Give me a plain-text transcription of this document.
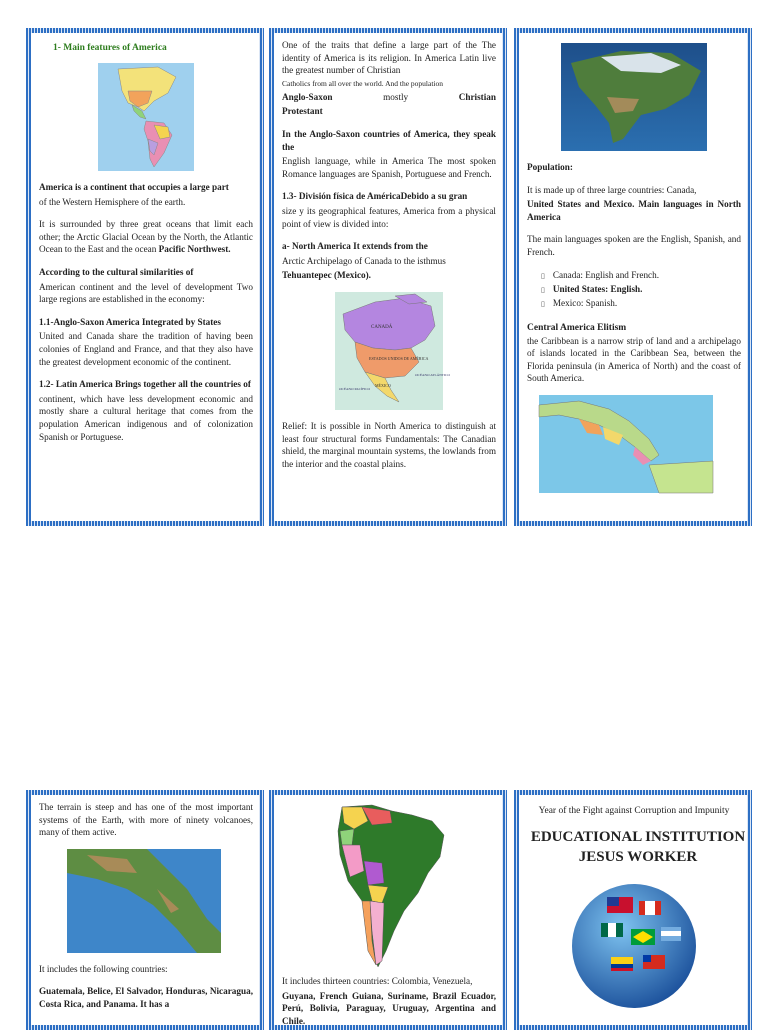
1- Main features of America

America is a continent that occupies a large part

of the Western Hemisphere of the earth.

It is surrounded by three great oceans that limit each other; the Arctic Glacial Ocean by the North, the Atlantic Ocean to the East and the ocean Pacific Northwest.

According to the cultural similarities of

American continent and the level of development Two large regions are established in the economy:

1.1-Anglo-Saxon America Integrated by States

United and Canada share the tradition of having been colonies of England and France, and that they also have the greatest development economic of the continent.

1.2- Latin America Brings together all the countries of

continent, which have less development economic and mostly share a cultural heritage that comes from the population American indigenous and of colonization Spanish or Portuguese.

One of the traits that define a large part of the The identity of America is its religion. In America Latin live the greatest number of Christian

Catholics from all over the world. And the population

Anglo-Saxon	mostly	Christian

Protestant

In the Anglo-Saxon countries of America, they speak the

English language, while in America The most spoken Romance languages are Spanish, Portuguese and French.

1.3- División física de AméricaDebido a su gran

size y its geographical features, America from a physical point of view is divided into:

a- North America It extends from the

Arctic Archipelago of Canada to the isthmus

Tehuantepec (Mexico).

CANADÁ
ESTADOS UNIDOS DE AMÉRICA
OCÉANO PACÍFICO
OCÉANO ATLÁNTICO
MÉXICO

Relief: It is possible in North America to distinguish at least four structural forms Fundamentals: The Canadian shield, the marginal mountain systems, the lowlands from the interior and the coastal plains.

Population:

It is made up of three large countries: Canada,

United States and Mexico. Main languages in North America

The main languages spoken are the English, Spanish, and French.

▯ Canada: English and French.
▯ United States: English.
▯ Mexico: Spanish.

Central America Elitism

the Caribbean is a narrow strip of land and a archipelago of islands located in the Caribbean Sea, between the Florida peninsula (in America of North) and the coast of South America.

The terrain is steep and has one of the most important systems of the Earth, with more of ninety volcanoes, many of them active.

It includes the following countries:

Guatemala, Belice, El Salvador, Honduras, Nicaragua, Costa Rica, and Panama. It has a

It includes thirteen countries: Colombia, Venezuela,

Guyana, French Guiana, Suriname, Brazil Ecuador, Perú, Bolivia, Paraguay, Uruguay, Argentina and Chile.

Year of the Fight against Corruption and Impunity

EDUCATIONAL INSTITUTION
JESUS WORKER
